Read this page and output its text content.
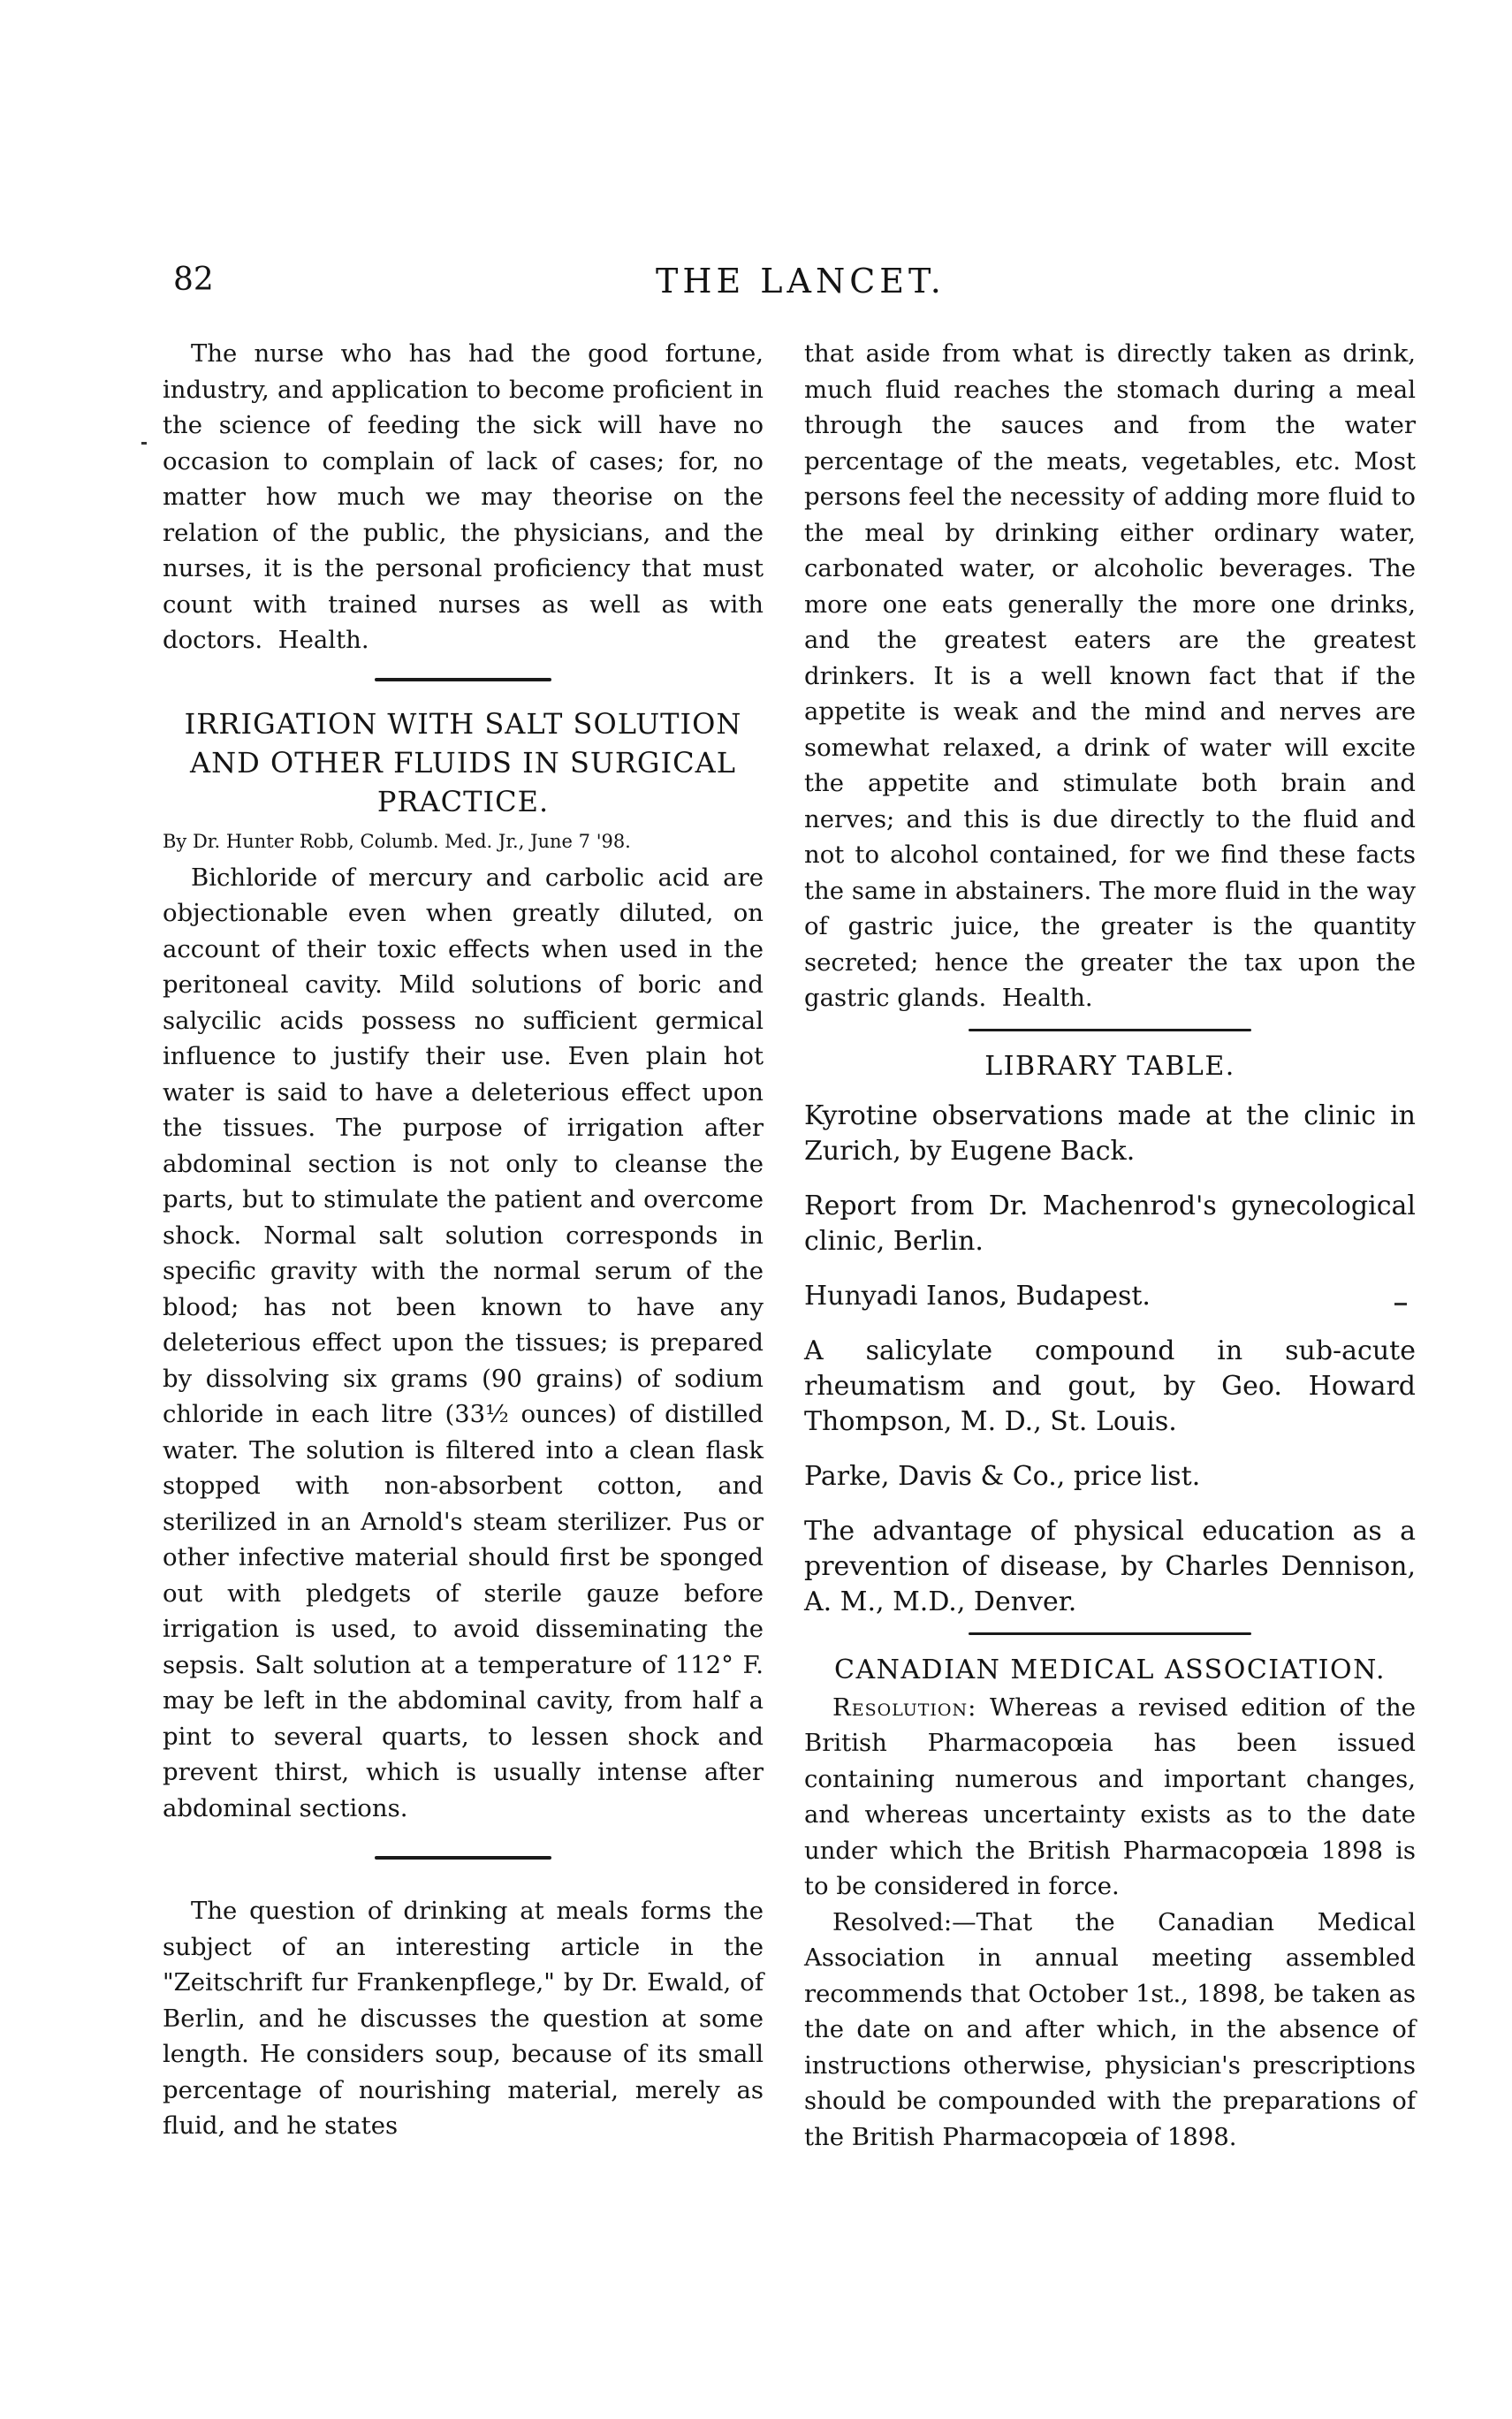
82	THE LANCET.

The nurse who has had the good fortune, industry, and application to become proficient in the science of feeding the sick will have no occasion to complain of lack of cases; for, no matter how much we may theorise on the relation of the public, the physicians, and the nurses, it is the personal proficiency that must count with trained nurses as well as with doctors. Health.

IRRIGATION WITH SALT SOLUTION AND OTHER FLUIDS IN SURGICAL PRACTICE.
By Dr. Hunter Robb, Columb. Med. Jr., June 7 '98.

Bichloride of mercury and carbolic acid are objectionable even when greatly diluted, on account of their toxic effects when used in the peritoneal cavity. Mild solutions of boric and salycilic acids possess no sufficient germical influence to justify their use. Even plain hot water is said to have a deleterious effect upon the tissues. The purpose of irrigation after abdominal section is not only to cleanse the parts, but to stimulate the patient and overcome shock. Normal salt solution corresponds in specific gravity with the normal serum of the blood; has not been known to have any deleterious effect upon the tissues; is prepared by dissolving six grams (90 grains) of sodium chloride in each litre (33½ ounces) of distilled water. The solution is filtered into a clean flask stopped with non-absorbent cotton, and sterilized in an Arnold's steam sterilizer. Pus or other infective material should first be sponged out with pledgets of sterile gauze before irrigation is used, to avoid disseminating the sepsis. Salt solution at a temperature of 112° F. may be left in the abdominal cavity, from half a pint to several quarts, to lessen shock and prevent thirst, which is usually intense after abdominal sections.

The question of drinking at meals forms the subject of an interesting article in the "Zeitschrift fur Frankenpflege," by Dr. Ewald, of Berlin, and he discusses the question at some length. He considers soup, because of its small percentage of nourishing material, merely as fluid, and he states

that aside from what is directly taken as drink, much fluid reaches the stomach during a meal through the sauces and from the water percentage of the meats, vegetables, etc. Most persons feel the necessity of adding more fluid to the meal by drinking either ordinary water, carbonated water, or alcoholic beverages. The more one eats generally the more one drinks, and the greatest eaters are the greatest drinkers. It is a well known fact that if the appetite is weak and the mind and nerves are somewhat relaxed, a drink of water will excite the appetite and stimulate both brain and nerves; and this is due directly to the fluid and not to alcohol contained, for we find these facts the same in abstainers. The more fluid in the way of gastric juice, the greater is the quantity secreted; hence the greater the tax upon the gastric glands. Health.

LIBRARY TABLE.
Kyrotine observations made at the clinic in Zurich, by Eugene Back.
Report from Dr. Machenrod's gynecological clinic, Berlin.
Hunyadi Ianos, Budapest.
A salicylate compound in sub-acute rheumatism and gout, by Geo. Howard Thompson, M. D., St. Louis.
Parke, Davis & Co., price list.
The advantage of physical education as a prevention of disease, by Charles Dennison, A. M., M.D., Denver.
CANADIAN MEDICAL ASSOCIATION.

Resolution: Whereas a revised edition of the British Pharmacopœia has been issued containing numerous and important changes, and whereas uncertainty exists as to the date under which the British Pharmacopœia 1898 is to be considered in force.

Resolved:—That the Canadian Medical Association in annual meeting assembled recommends that October 1st., 1898, be taken as the date on and after which, in the absence of instructions otherwise, physician's prescriptions should be compounded with the preparations of the British Pharmacopœia of 1898.
